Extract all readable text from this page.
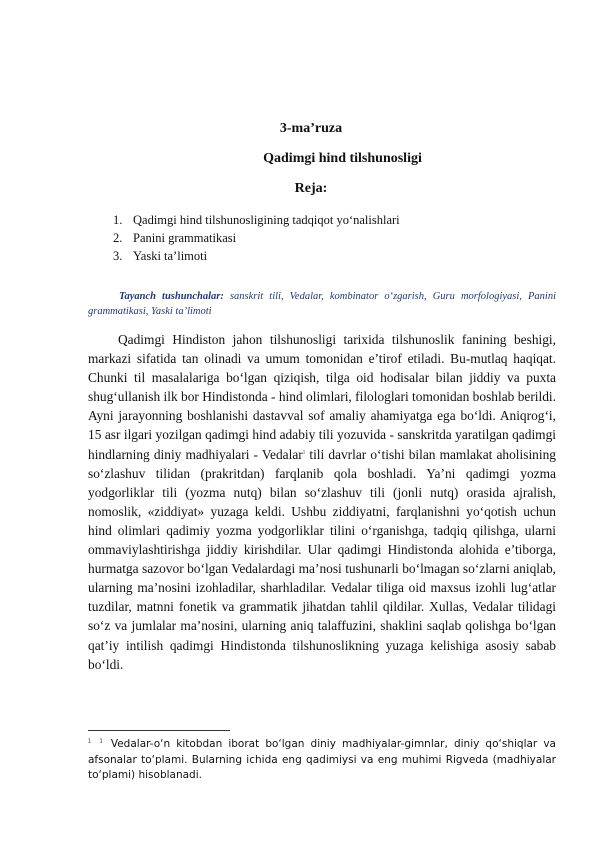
3-ma’ruza
Qadimgi hind tilshunosligi
Reja:
1. Qadimgi hind tilshunosligining tadqiqot yo‘nalishlari
2. Panini grammatikasi
3. Yaski ta’limoti
Tayanch tushunchalar: sanskrit tili, Vedalar, kombinator o‘zgarish, Guru morfologiyasi, Panini grammatikasi, Yaski ta’limoti
Qadimgi Hindiston jahon tilshunosligi tarixida tilshunoslik fanining beshigi, markazi sifatida tan olinadi va umum tomonidan e’tirof etiladi. Bu-mutlaq haqiqat. Chunki til masalalariga bo‘lgan qiziqish, tilga oid hodisalar bilan jiddiy va puxta shug‘ullanish ilk bor Hindistonda - hind olimlari, filologlari tomonidan boshlab berildi. Ayni jarayonning boshlanishi dastavval sof amaliy ahamiyatga ega bo‘ldi. Aniqrog‘i, 15 asr ilgari yozilgan qadimgi hind adabiy tili yozuvida - sanskritda yaratilgan qadimgi hindlarning diniy madhiyalari - Vedalar$^1$ tili davrlar o‘tishi bilan mamlakat aholisining so‘zlashuv tilidan (prakritdan) farqlanib qola boshladi. Ya’ni qadimgi yozma yodgorliklar tili (yozma nutq) bilan so‘zlashuv tili (jonli nutq) orasida ajralish, nomoslik, «ziddiyat» yuzaga keldi. Ushbu ziddiyatni, farqlanishni yo‘qotish uchun hind olimlari qadimiy yozma yodgorliklar tilini o‘rganishga, tadqiq qilishga, ularni ommaviylashtirishga jiddiy kirishdilar. Ular qadimgi Hindistonda alohida e’tiborga, hurmatga sazovor bo‘lgan Vedalardagi ma’nosi tushunarli bo‘lmagan so‘zlarni aniqlab, ularning ma’nosini izohladilar, sharhladilar. Vedalar tiliga oid maxsus izohli lug‘atlar tuzdilar, matnni fonetik va grammatik jihatdan tahlil qildilar. Xullas, Vedalar tilidagi so‘z va jumlalar ma’nosini, ularning aniq talaffuzini, shaklini saqlab qolishga bo‘lgan qat’iy intilish qadimgi Hindistonda tilshunoslikning yuzaga kelishiga asosiy sabab bo‘ldi.
$^{1 1}$ Vedalar-o‘n kitobdan iborat bo‘lgan diniy madhiyalar-gimnlar, diniy qo‘shiqlar va afsonalar to‘plami. Bularning ichida eng qadimiysi va eng muhimi Rigveda (madhiyalar to‘plami) hisoblanadi.
